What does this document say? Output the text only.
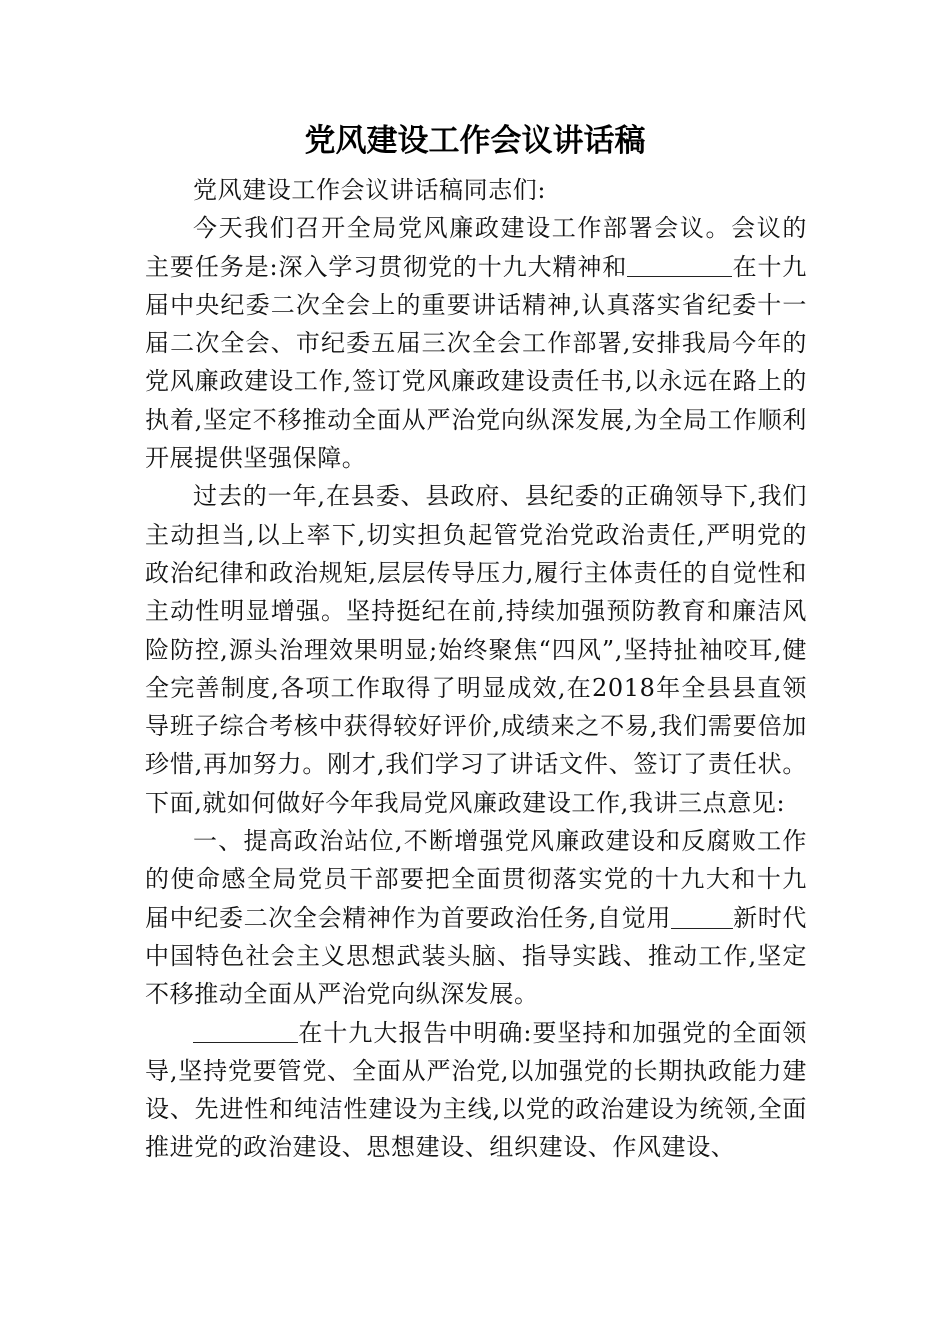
党风建设工作会议讲话稿

党风建设工作会议讲话稿同志们:

今天我们召开全局党风廉政建设工作部署会议。会议的主要任务是:深入学习贯彻党的十九大精神和	在十九届中央纪委二次全会上的重要讲话精神,认真落实省纪委十一届二次全会、市纪委五届三次全会工作部署,安排我局今年的党风廉政建设工作,签订党风廉政建设责任书,以永远在路上的执着,坚定不移推动全面从严治党向纵深发展,为全局工作顺利开展提供坚强保障。

过去的一年,在县委、县政府、县纪委的正确领导下,我们主动担当,以上率下,切实担负起管党治党政治责任,严明党的政治纪律和政治规矩,层层传导压力,履行主体责任的自觉性和主动性明显增强。坚持挺纪在前,持续加强预防教育和廉洁风险防控,源头治理效果明显;始终聚焦“四风”,坚持扯袖咬耳,健全完善制度,各项工作取得了明显成效,在2018年全县县直领导班子综合考核中获得较好评价,成绩来之不易,我们需要倍加珍惜,再加努力。刚才,我们学习了讲话文件、签订了责任状。下面,就如何做好今年我局党风廉政建设工作,我讲三点意见:

一、提高政治站位,不断增强党风廉政建设和反腐败工作的使命感全局党员干部要把全面贯彻落实党的十九大和十九届中纪委二次全会精神作为首要政治任务,自觉用	新时代中国特色社会主义思想武装头脑、指导实践、推动工作,坚定不移推动全面从严治党向纵深发展。

在十九大报告中明确:要坚持和加强党的全面领导,坚持党要管党、全面从严治党,以加强党的长期执政能力建设、先进性和纯洁性建设为主线,以党的政治建设为统领,全面推进党的政治建设、思想建设、组织建设、作风建设、
